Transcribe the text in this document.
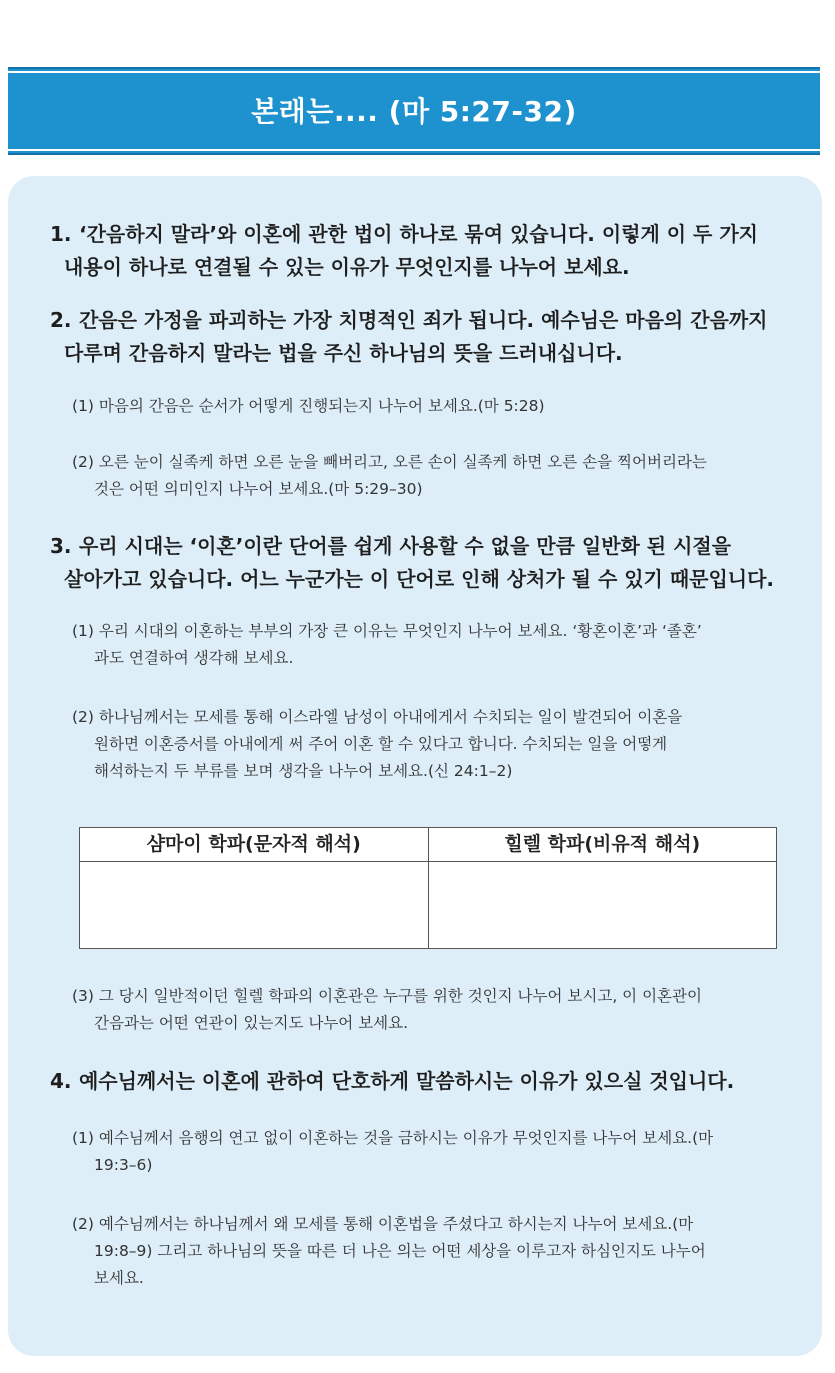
본래는.... (마 5:27-32)
1. ‘간음하지 말라’와 이혼에 관한 법이 하나로 묶여 있습니다. 이렇게 이 두 가지
내용이 하나로 연결될 수 있는 이유가 무엇인지를 나누어 보세요.
2. 간음은 가정을 파괴하는 가장 치명적인 죄가 됩니다. 예수님은 마음의 간음까지
다루며 간음하지 말라는 법을 주신 하나님의 뜻을 드러내십니다.
(1) 마음의 간음은 순서가 어떻게 진행되는지 나누어 보세요.(마 5:28)
(2) 오른 눈이 실족케 하면 오른 눈을 빼버리고, 오른 손이 실족케 하면 오른 손을 찍어버리라는
것은 어떤 의미인지 나누어 보세요.(마 5:29–30)
3. 우리 시대는 ‘이혼’이란 단어를 쉽게 사용할 수 없을 만큼 일반화 된 시절을
살아가고 있습니다. 어느 누군가는 이 단어로 인해 상처가 될 수 있기 때문입니다.
(1) 우리 시대의 이혼하는 부부의 가장 큰 이유는 무엇인지 나누어 보세요. ‘황혼이혼’과 ‘졸혼’
과도 연결하여 생각해 보세요.
(2) 하나님께서는 모세를 통해 이스라엘 남성이 아내에게서 수치되는 일이 발견되어 이혼을
원하면 이혼증서를 아내에게 써 주어 이혼 할 수 있다고 합니다. 수치되는 일을 어떻게
해석하는지 두 부류를 보며 생각을 나누어 보세요.(신 24:1–2)
샴마이 학파(문자적 해석)	힐렐 학파(비유적 해석)
(3) 그 당시 일반적이던 힐렐 학파의 이혼관은 누구를 위한 것인지 나누어 보시고, 이 이혼관이
간음과는 어떤 연관이 있는지도 나누어 보세요.
4. 예수님께서는 이혼에 관하여 단호하게 말씀하시는 이유가 있으실 것입니다.
(1) 예수님께서 음행의 연고 없이 이혼하는 것을 금하시는 이유가 무엇인지를 나누어 보세요.(마
19:3–6)
(2) 예수님께서는 하나님께서 왜 모세를 통해 이혼법을 주셨다고 하시는지 나누어 보세요.(마
19:8–9) 그리고 하나님의 뜻을 따른 더 나은 의는 어떤 세상을 이루고자 하심인지도 나누어
보세요.
